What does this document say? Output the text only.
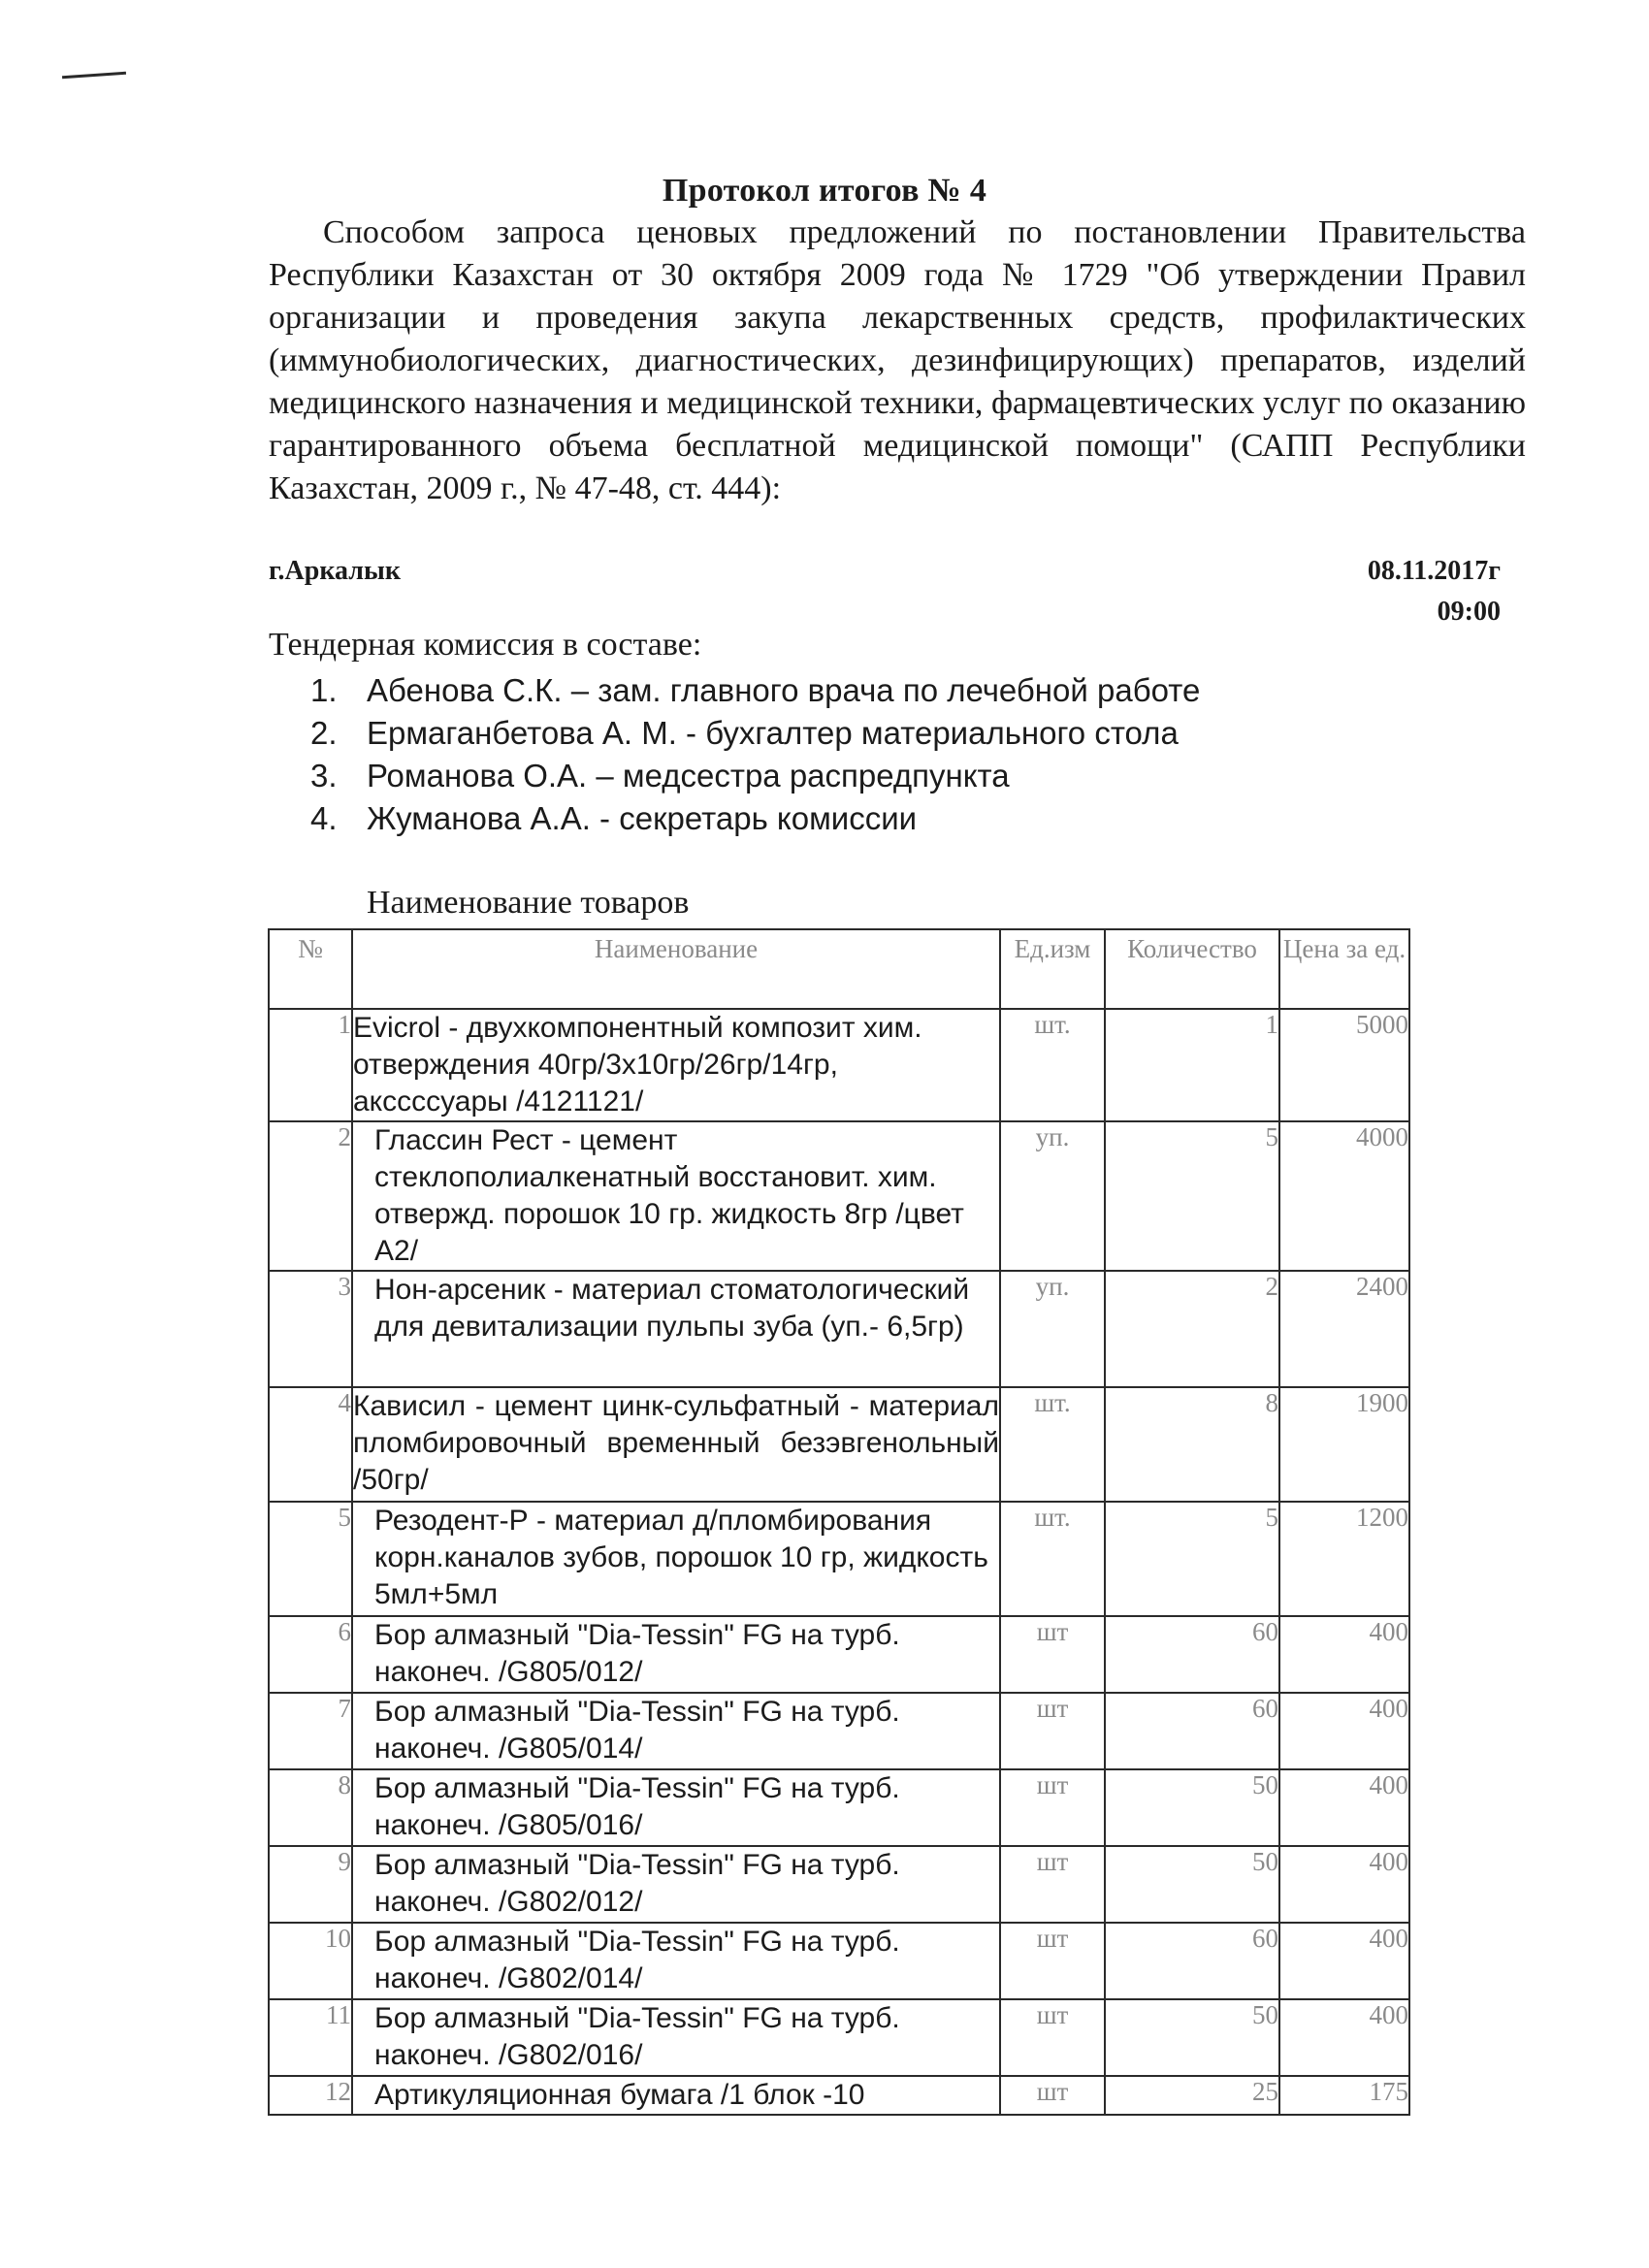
Протокол итогов № 4
Способом запроса ценовых предложений по постановлении Правительства Республики Казахстан от 30 октября 2009 года № 1729 "Об утверждении Правил организации и проведения закупа лекарственных средств, профилактических (иммунобиологических, диагностических, дезинфицирующих) препаратов, изделий медицинского назначения и медицинской техники, фармацевтических услуг по оказанию гарантированного объема бесплатной медицинской помощи" (САПП Республики Казахстан, 2009 г., № 47-48, ст. 444):
г.Аркалык	08.11.2017г
09:00
Тендерная комиссия в составе:
1. Абенова С.К. – зам. главного врача по лечебной работе
2. Ермаганбетова А. М. - бухгалтер материального стола
3. Романова О.А. – медсестра распредпункта
4. Жуманова А.А. - секретарь комиссии
Наименование товаров
№	Наименование	Ед.изм	Количество	Цена за ед.
1	Evicrol - двухкомпонентный композит хим. отверждения 40гр/3х10гр/26гр/14гр, акссссуары /4121121/	шт.	1	5000
2	Глассин Рест - цемент стеклополиалкенатный восстановит. хим. отвержд. порошок 10 гр. жидкость 8гр /цвет А2/	уп.	5	4000
3	Нон-арсеник - материал стоматологический для девитализации пульпы зуба (уп.- 6,5гр)	уп.	2	2400
4	Кависил - цемент цинк-сульфатный - материал пломбировочный временный безэвгенольный /50гр/	шт.	8	1900
5	Резодент-Р - материал д/пломбирования корн.каналов зубов, порошок 10 гр, жидкость 5мл+5мл	шт.	5	1200
6	Бор алмазный "Dia-Tessin" FG на турб. наконеч. /G805/012/	шт	60	400
7	Бор алмазный "Dia-Tessin" FG на турб. наконеч. /G805/014/	шт	60	400
8	Бор алмазный "Dia-Tessin" FG на турб. наконеч. /G805/016/	шт	50	400
9	Бор алмазный "Dia-Tessin" FG на турб. наконеч. /G802/012/	шт	50	400
10	Бор алмазный "Dia-Tessin" FG на турб. наконеч. /G802/014/	шт	60	400
11	Бор алмазный "Dia-Tessin" FG на турб. наконеч. /G802/016/	шт	50	400
12	Артикуляционная бумага /1 блок -10	шт	25	175
